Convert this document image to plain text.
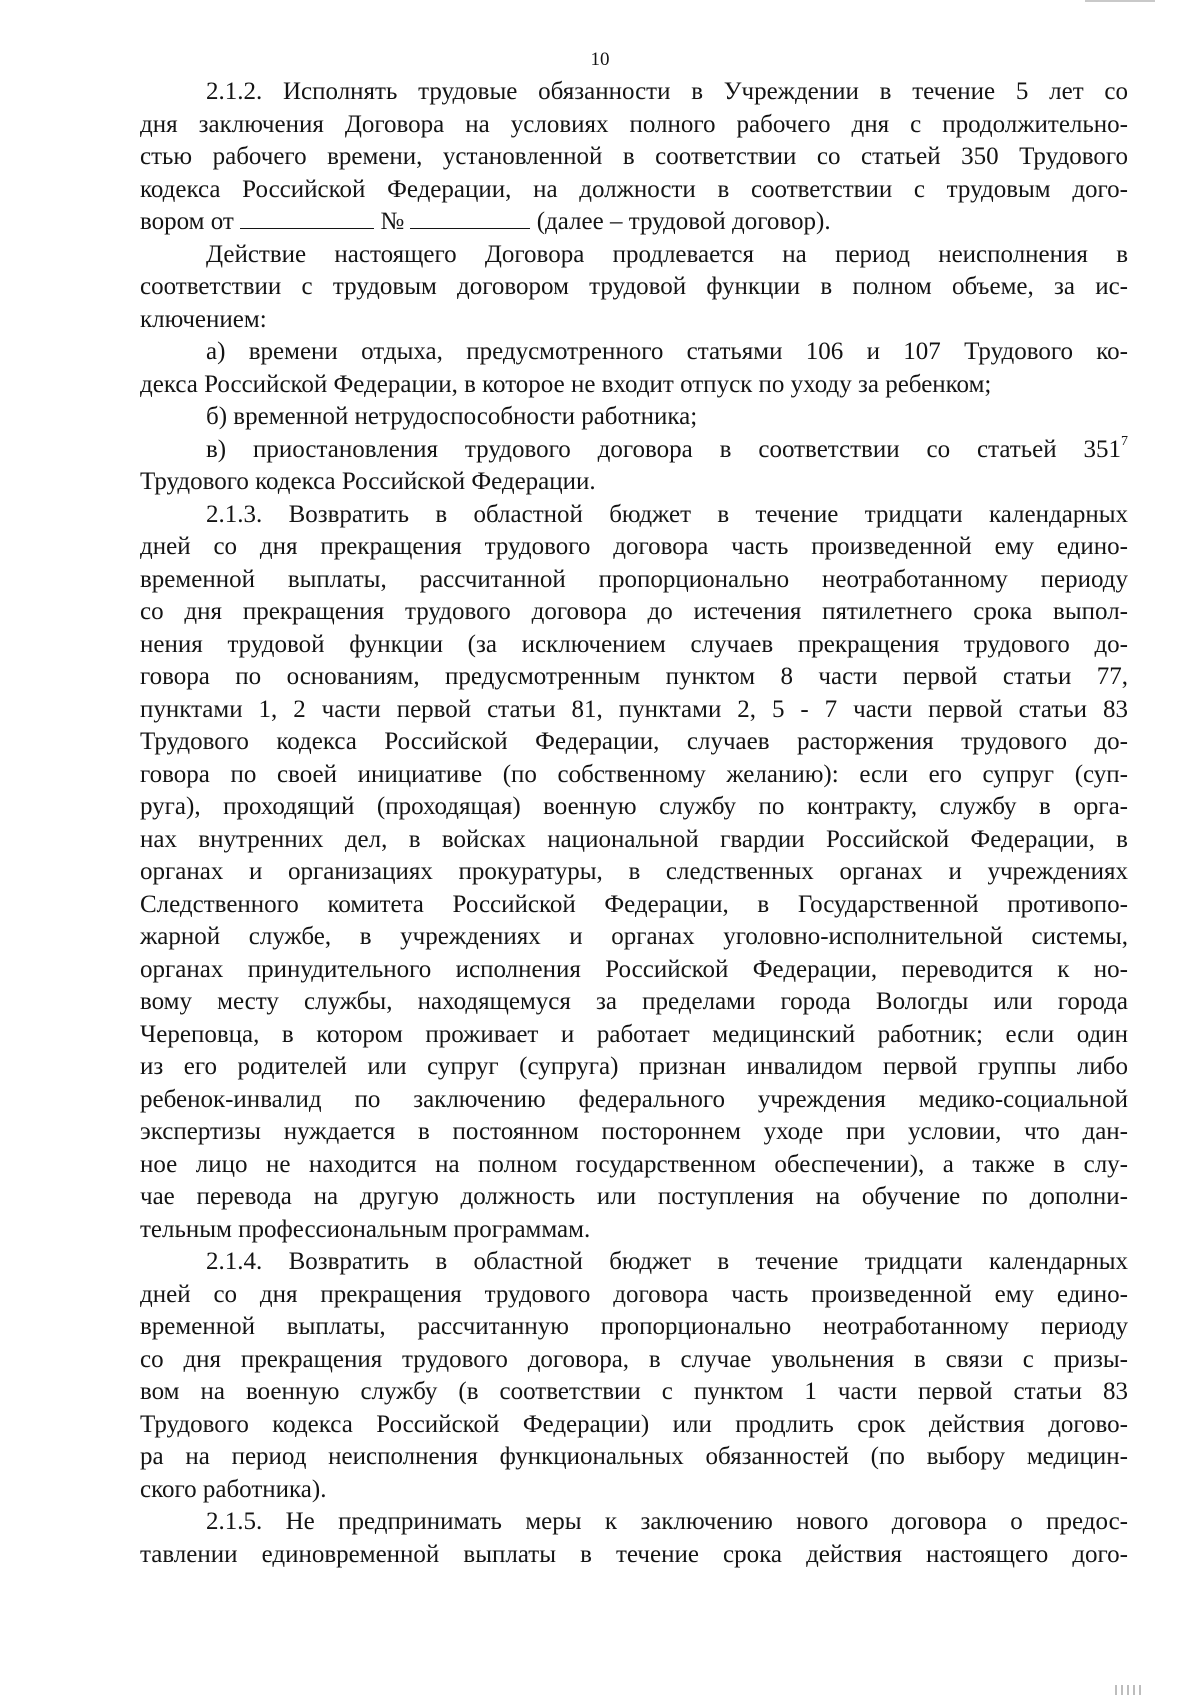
10
2.1.2. Исполнять трудовые обязанности в Учреждении в течение 5 лет со
дня заключения Договора на условиях полного рабочего дня с продолжительно-
стью рабочего времени, установленной в соответствии со статьей 350 Трудового
кодекса Российской Федерации, на должности в соответствии с трудовым дого-
вором от	№	(далее – трудовой договор).
Действие настоящего Договора продлевается на период неисполнения в
соответствии с трудовым договором трудовой функции в полном объеме, за ис-
ключением:
а) времени отдыха, предусмотренного статьями 106 и 107 Трудового ко-
декса Российской Федерации, в которое не входит отпуск по уходу за ребенком;
б) временной нетрудоспособности работника;
в) приостановления трудового договора в соответствии со статьей $351^7$
Трудового кодекса Российской Федерации.
2.1.3. Возвратить в областной бюджет в течение тридцати календарных
дней со дня прекращения трудового договора часть произведенной ему едино-
временной выплаты, рассчитанной пропорционально неотработанному периоду
со дня прекращения трудового договора до истечения пятилетнего срока выпол-
нения трудовой функции (за исключением случаев прекращения трудового до-
говора по основаниям, предусмотренным пунктом 8 части первой статьи 77,
пунктами 1, 2 части первой статьи 81, пунктами 2, 5 - 7 части первой статьи 83
Трудового кодекса Российской Федерации, случаев расторжения трудового до-
говора по своей инициативе (по собственному желанию): если его супруг (суп-
руга), проходящий (проходящая) военную службу по контракту, службу в орга-
нах внутренних дел, в войсках национальной гвардии Российской Федерации, в
органах и организациях прокуратуры, в следственных органах и учреждениях
Следственного комитета Российской Федерации, в Государственной противопо-
жарной службе, в учреждениях и органах уголовно-исполнительной системы,
органах принудительного исполнения Российской Федерации, переводится к но-
вому месту службы, находящемуся за пределами города Вологды или города
Череповца, в котором проживает и работает медицинский работник; если один
из его родителей или супруг (супруга) признан инвалидом первой группы либо
ребенок-инвалид по заключению федерального учреждения медико-социальной
экспертизы нуждается в постоянном постороннем уходе при условии, что дан-
ное лицо не находится на полном государственном обеспечении), а также в слу-
чае перевода на другую должность или поступления на обучение по дополни-
тельным профессиональным программам.
2.1.4. Возвратить в областной бюджет в течение тридцати календарных
дней со дня прекращения трудового договора часть произведенной ему едино-
временной выплаты, рассчитанную пропорционально неотработанному периоду
со дня прекращения трудового договора, в случае увольнения в связи с призы-
вом на военную службу (в соответствии с пунктом 1 части первой статьи 83
Трудового кодекса Российской Федерации) или продлить срок действия догово-
ра на период неисполнения функциональных обязанностей (по выбору медицин-
ского работника).
2.1.5. Не предпринимать меры к заключению нового договора о предос-
тавлении единовременной выплаты в течение срока действия настоящего дого-
